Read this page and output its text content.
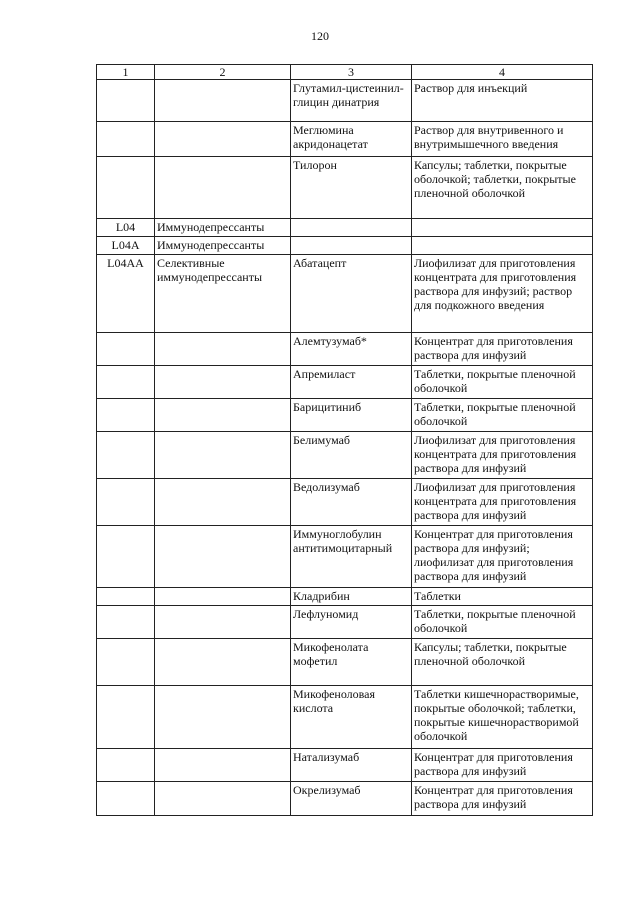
120
1	2	3	4
		Глутамил-цистеинил-глицин динатрия	Раствор для инъекций
		Меглюмина акридонацетат	Раствор для внутривенного и внутримышечного введения
		Тилорон	Капсулы; таблетки, покрытые оболочкой; таблетки, покрытые пленочной оболочкой
L04	Иммунодепрессанты		
L04A	Иммунодепрессанты		
L04AA	Селективные иммунодепрессанты	Абатацепт	Лиофилизат для приготовления концентрата для приготовления раствора для инфузий; раствор для подкожного введения
		Алемтузумаб*	Концентрат для приготовления раствора для инфузий
		Апремиласт	Таблетки, покрытые пленочной оболочкой
		Барицитиниб	Таблетки, покрытые пленочной оболочкой
		Белимумаб	Лиофилизат для приготовления концентрата для приготовления раствора для инфузий
		Ведолизумаб	Лиофилизат для приготовления концентрата для приготовления раствора для инфузий
		Иммуноглобулин антитимоцитарный	Концентрат для приготовления раствора для инфузий; лиофилизат для приготовления раствора для инфузий
		Кладрибин	Таблетки
		Лефлуномид	Таблетки, покрытые пленочной оболочкой
		Микофенолата мофетил	Капсулы; таблетки, покрытые пленочной оболочкой
		Микофеноловая кислота	Таблетки кишечнорастворимые, покрытые оболочкой; таблетки, покрытые кишечнорастворимой оболочкой
		Натализумаб	Концентрат для приготовления раствора для инфузий
		Окрелизумаб	Концентрат для приготовления раствора для инфузий
